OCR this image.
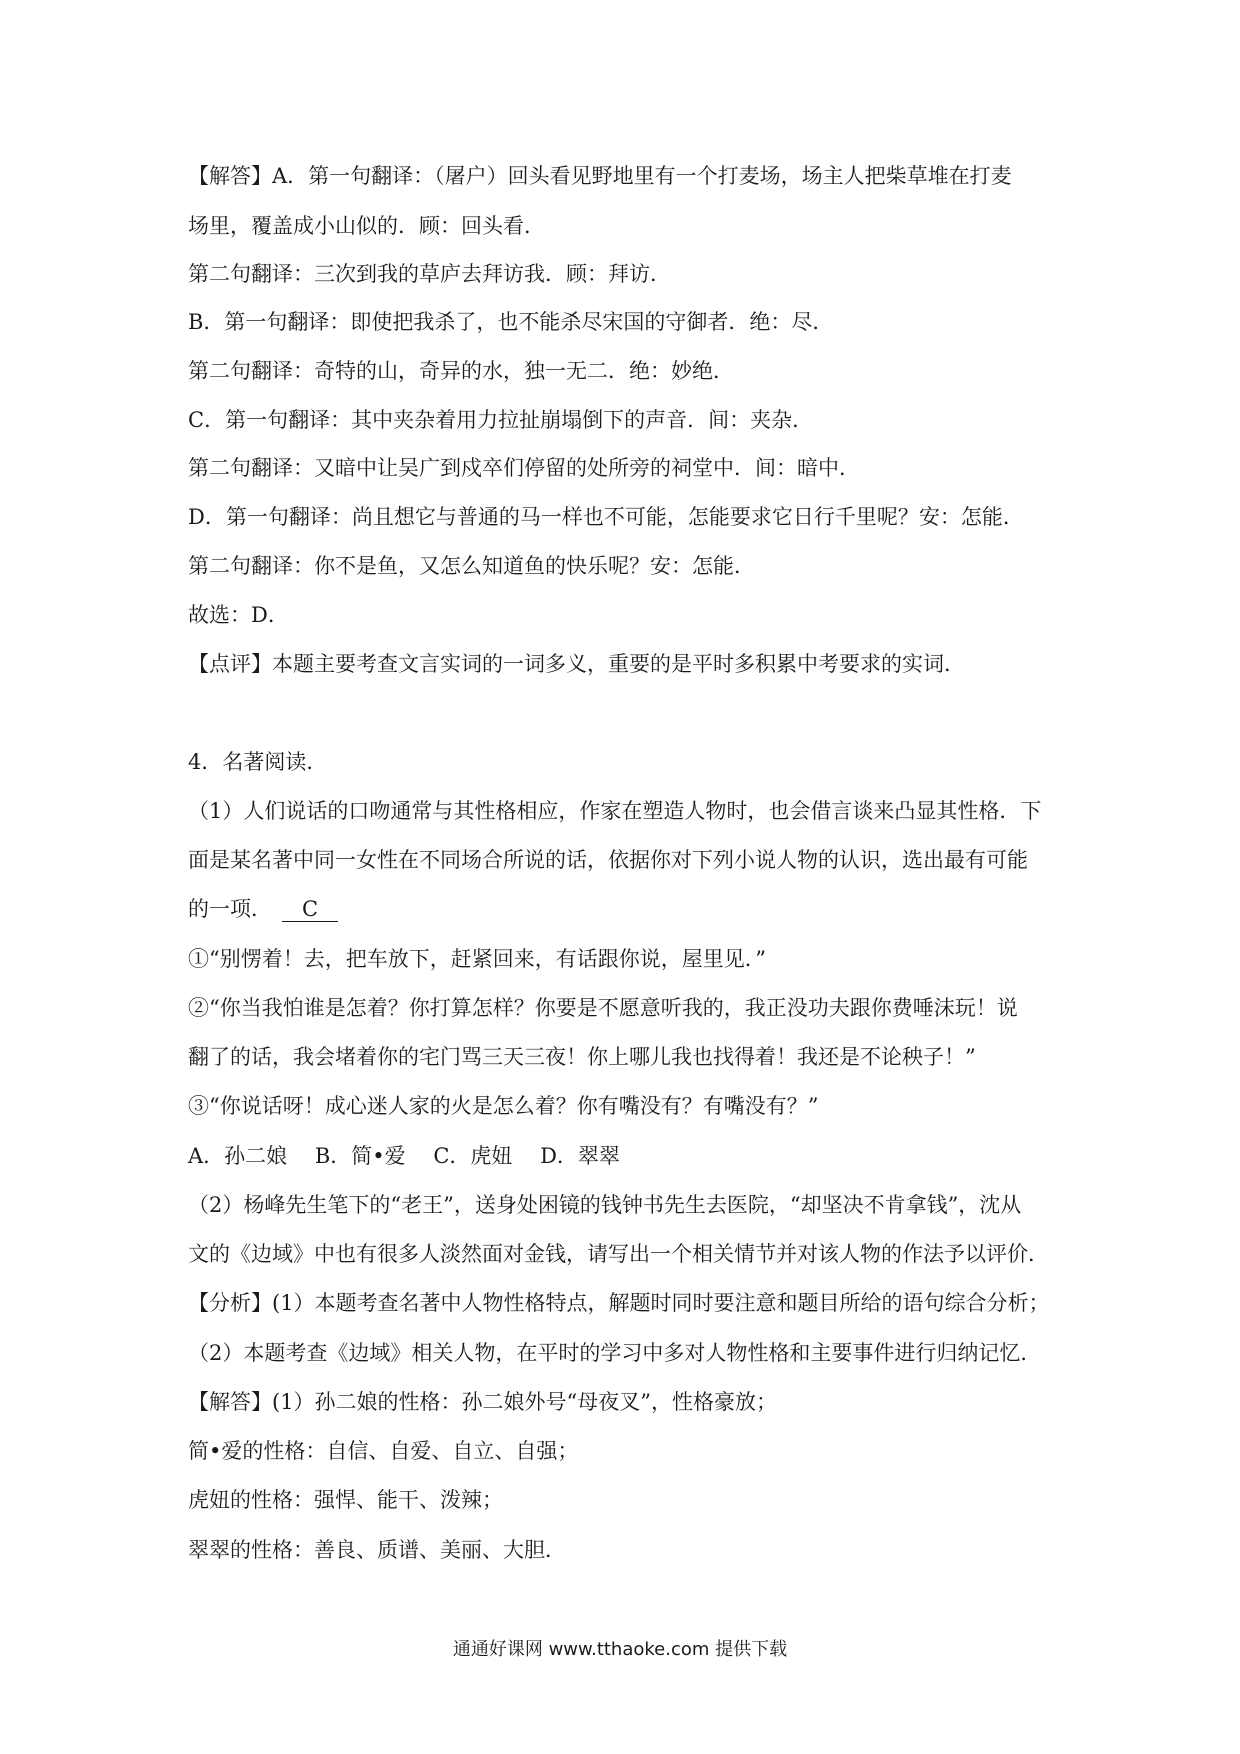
【解答】A．第一句翻译：（屠户）回头看见野地里有一个打麦场，场主人把柴草堆在打麦
场里，覆盖成小山似的．顾：回头看．
第二句翻译：三次到我的草庐去拜访我．顾：拜访．
B．第一句翻译：即使把我杀了，也不能杀尽宋国的守御者．绝：尽．
第二句翻译：奇特的山，奇异的水，独一无二．绝：妙绝．
C．第一句翻译：其中夹杂着用力拉扯崩塌倒下的声音．间：夹杂．
第二句翻译：又暗中让吴广到戍卒们停留的处所旁的祠堂中．间：暗中．
D．第一句翻译：尚且想它与普通的马一样也不可能，怎能要求它日行千里呢？安：怎能．
第二句翻译：你不是鱼，又怎么知道鱼的快乐呢？安：怎能．
故选：D．
【点评】本题主要考查文言实词的一词多义，重要的是平时多积累中考要求的实词．
4．名著阅读．
（1）人们说话的口吻通常与其性格相应，作家在塑造人物时，也会借言谈来凸显其性格．下
面是某名著中同一女性在不同场合所说的话，依据你对下列小说人物的认识，选出最有可能
的一项． C
①“别愣着！去，把车放下，赶紧回来，有话跟你说，屋里见．”
②“你当我怕谁是怎着？你打算怎样？你要是不愿意听我的，我正没功夫跟你费唾沫玩！说
翻了的话，我会堵着你的宅门骂三天三夜！你上哪儿我也找得着！我还是不论秧子！”
③“你说话呀！成心迷人家的火是怎么着？你有嘴没有？有嘴没有？”
A．孙二娘 　B．简•爱 　C．虎妞 　D．翠翠
（2）杨峰先生笔下的“老王”，送身处困镜的钱钟书先生去医院，“却坚决不肯拿钱”，沈从
文的《边域》中也有很多人淡然面对金钱，请写出一个相关情节并对该人物的作法予以评价．
【分析】(1）本题考查名著中人物性格特点，解题时同时要注意和题目所给的语句综合分析；
（2）本题考查《边域》相关人物，在平时的学习中多对人物性格和主要事件进行归纳记忆．
【解答】(1）孙二娘的性格：孙二娘外号“母夜叉”，性格豪放；
简•爱的性格：自信、自爱、自立、自强；
虎妞的性格：强悍、能干、泼辣；
翠翠的性格：善良、质谱、美丽、大胆．
通通好课网 www.tthaoke.com 提供下载
